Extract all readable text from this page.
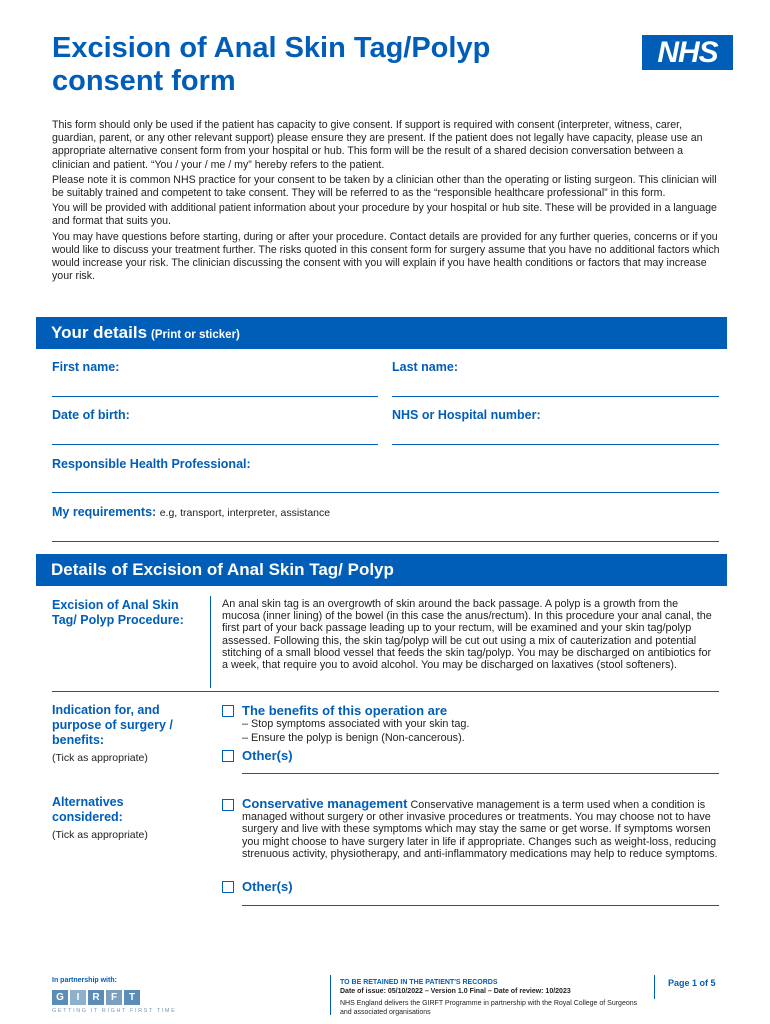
Excision of Anal Skin Tag/Polyp consent form
NHS

This form should only be used if the patient has capacity to give consent. If support is required with consent (interpreter, witness, carer, guardian, parent, or any other relevant support) please ensure they are present. If the patient does not legally have capacity, please use an appropriate alternative consent form from your hospital or hub. This form will be the result of a shared decision conversation between a clinician and patient. “You / your / me / my” hereby refers to the patient.

Please note it is common NHS practice for your consent to be taken by a clinician other than the operating or listing surgeon. This clinician will be suitably trained and competent to take consent. They will be referred to as the “responsible healthcare professional” in this form.

You will be provided with additional patient information about your procedure by your hospital or hub site. These will be provided in a language and format that suits you.

You may have questions before starting, during or after your procedure. Contact details are provided for any further queries, concerns or if you would like to discuss your treatment further. The risks quoted in this consent form for surgery assume that you have no additional factors which would increase your risk. The clinician discussing the consent with you will explain if you have health conditions or factors that may increase your risk.

Your details (Print or sticker)
First name:	Last name:
Date of birth:	NHS or Hospital number:
Responsible Health Professional:
My requirements: e.g, transport, interpreter, assistance
Details of Excision of Anal Skin Tag/ Polyp
Excision of Anal Skin Tag/ Polyp Procedure:
An anal skin tag is an overgrowth of skin around the back passage. A polyp is a growth from the mucosa (inner lining) of the bowel (in this case the anus/rectum). In this procedure your anal canal, the first part of your back passage leading up to your rectum, will be examined and your skin tag/polyp assessed. Following this, the skin tag/polyp will be cut out using a mix of cauterization and potential stitching of a small blood vessel that feeds the skin tag/polyp. You may be discharged on antibiotics for a week, that require you to avoid alcohol. You may be discharged on laxatives (stool softeners).
Indication for, and purpose of surgery / benefits:
(Tick as appropriate)
The benefits of this operation are
– Stop symptoms associated with your skin tag.
– Ensure the polyp is benign (Non-cancerous).
Other(s)
Alternatives considered:
(Tick as appropriate)
Conservative management Conservative management is a term used when a condition is managed without surgery or other invasive procedures or treatments. You may choose not to have surgery and live with these symptoms which may stay the same or get worse. If symptoms worsen you might choose to have surgery later in life if appropriate. Changes such as weight-loss, reducing strenuous activity, physiotherapy, and anti-inflammatory medications may help to reduce symptoms.
Other(s)
In partnership with:
G	I	R	F	T
GETTING IT RIGHT FIRST TIME
TO BE RETAINED IN THE PATIENT'S RECORDS
Date of issue: 05/10/2022 – Version 1.0 Final – Date of review: 10/2023
NHS England delivers the GIRFT Programme in partnership with the Royal College of Surgeons and associated organisations
Page 1 of 5
